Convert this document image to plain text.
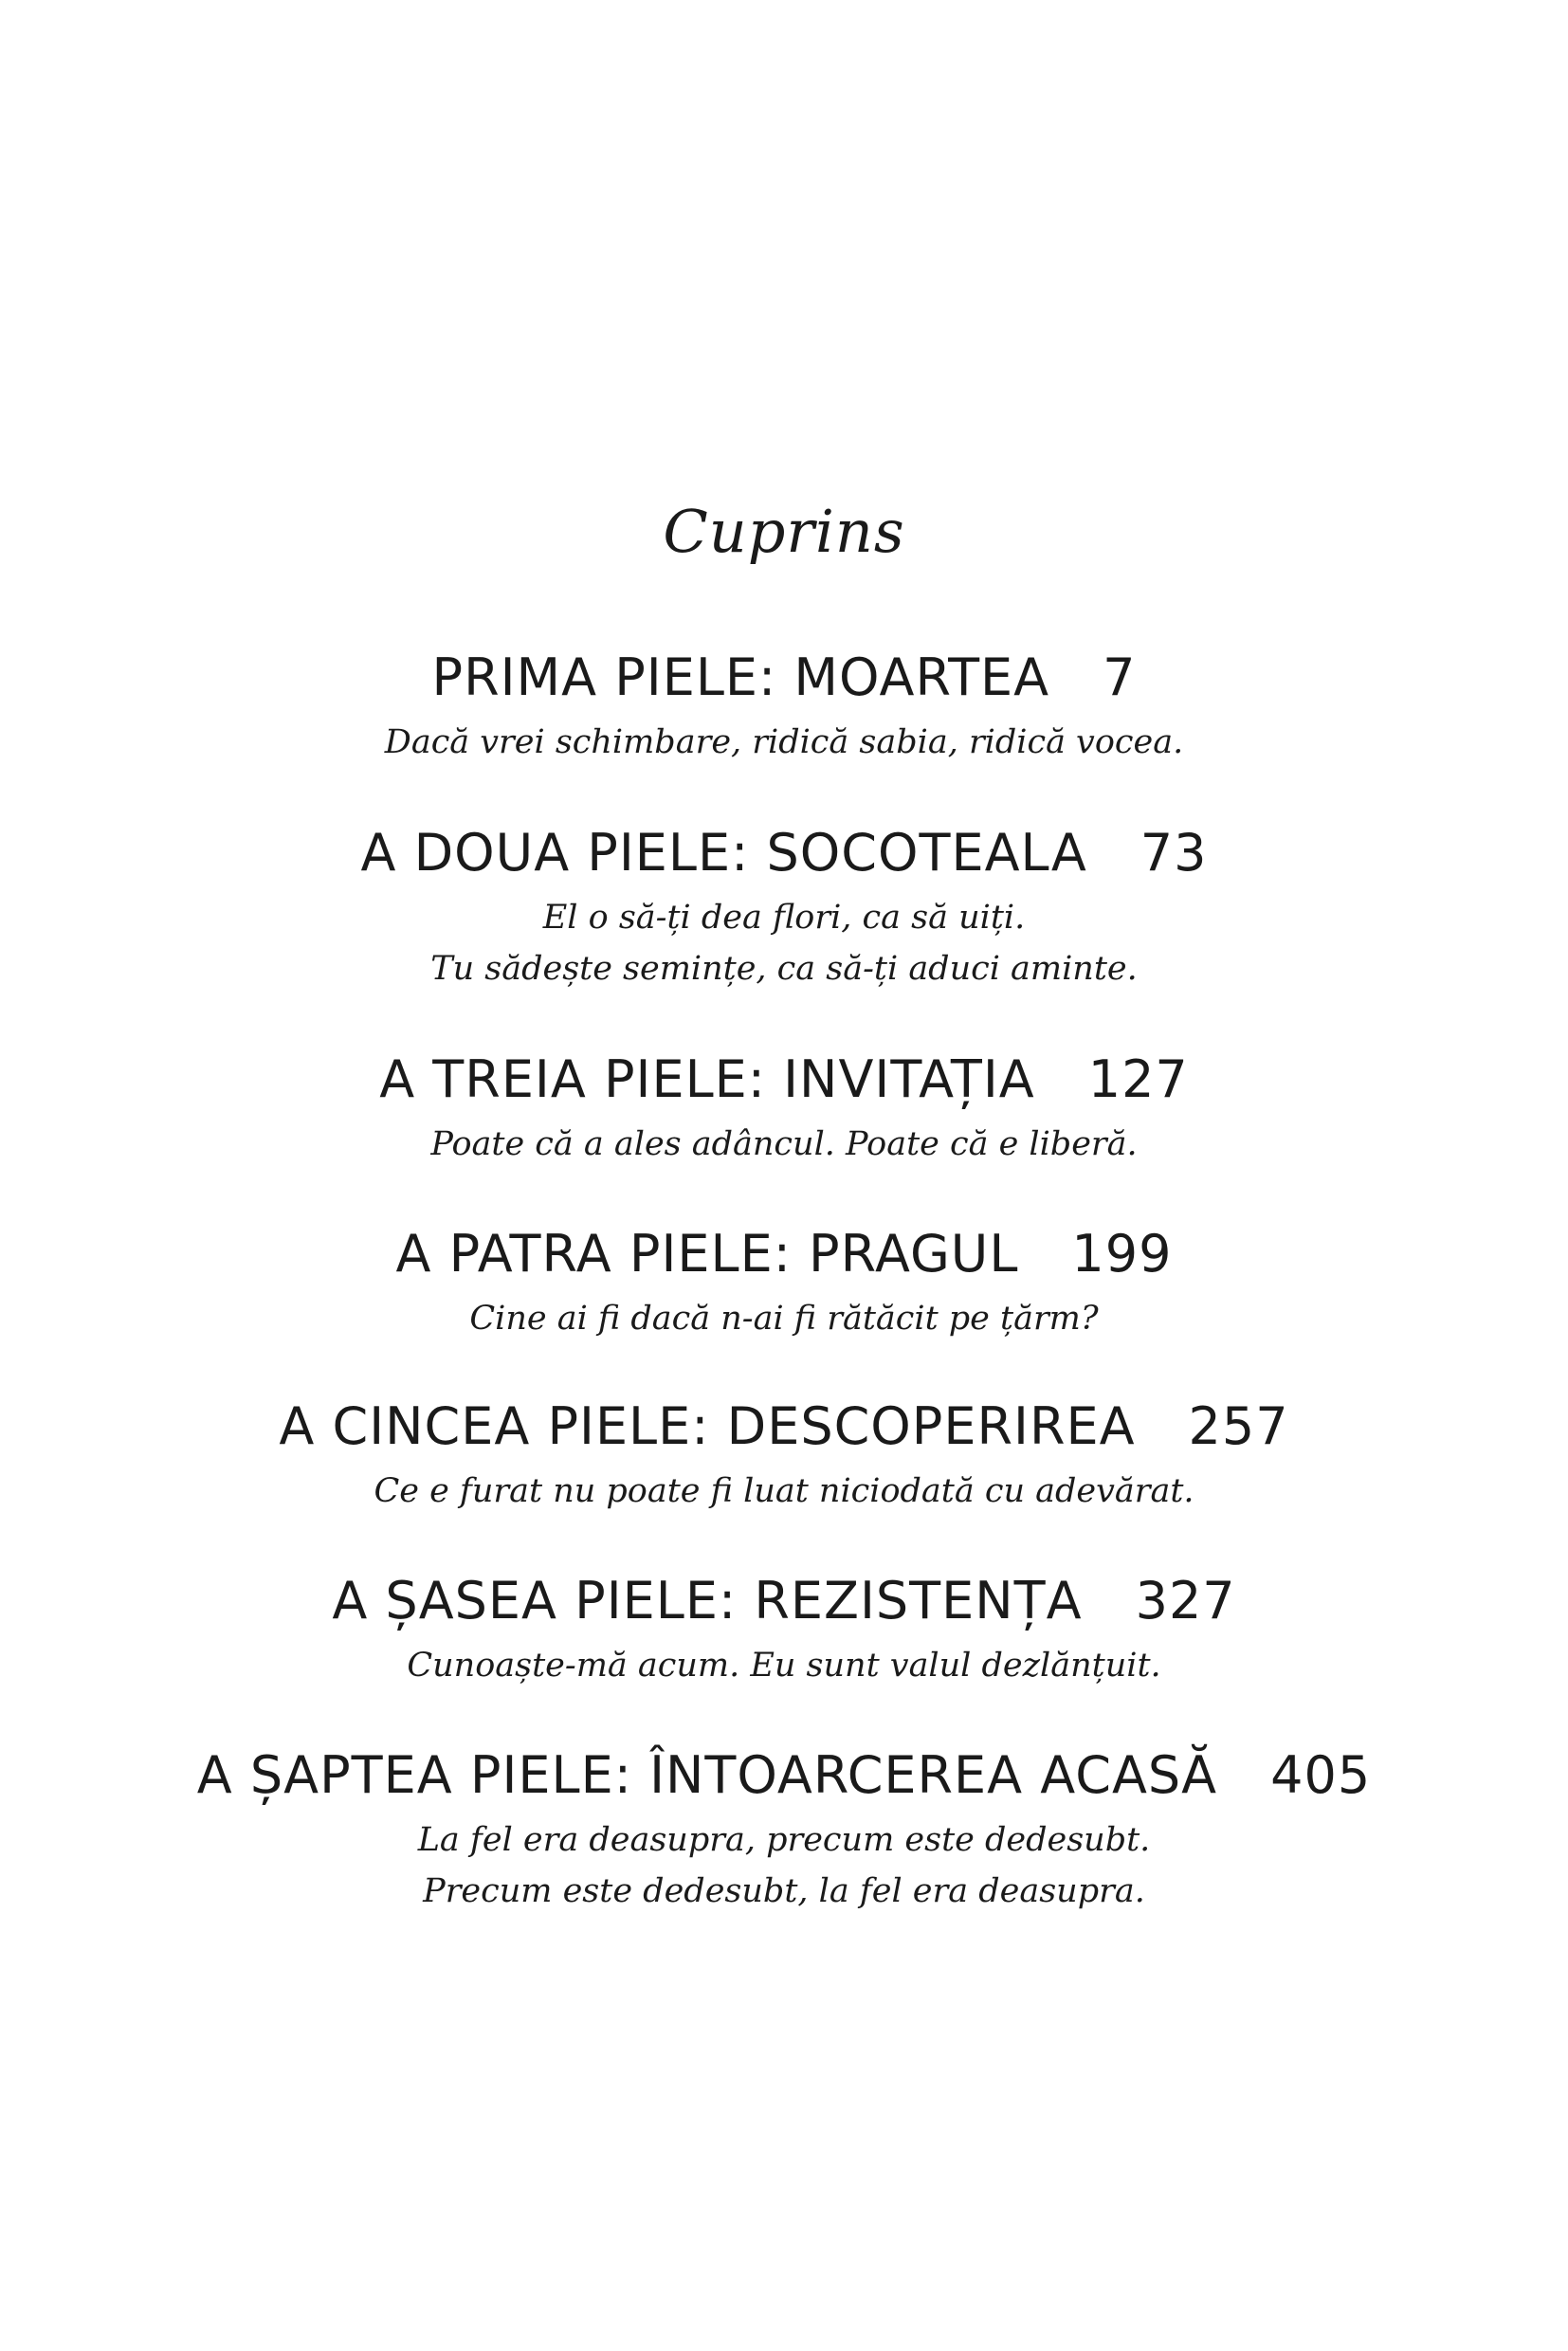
Cuprins
PRIMA PIELE: MOARTEA 7
Dacă vrei schimbare, ridică sabia, ridică vocea.
A DOUA PIELE: SOCOTEALA 73
El o să-ți dea flori, ca să uiți.
Tu sădește semințe, ca să-ți aduci aminte.
A TREIA PIELE: INVITAȚIA 127
Poate că a ales adâncul. Poate că e liberă.
A PATRA PIELE: PRAGUL 199
Cine ai fi dacă n-ai fi rătăcit pe țărm?
A CINCEA PIELE: DESCOPERIREA 257
Ce e furat nu poate fi luat niciodată cu adevărat.
A ȘASEA PIELE: REZISTENȚA 327
Cunoaște-mă acum. Eu sunt valul dezlănțuit.
A ȘAPTEA PIELE: ÎNTOARCEREA ACASĂ 405
La fel era deasupra, precum este dedesubt.
Precum este dedesubt, la fel era deasupra.
